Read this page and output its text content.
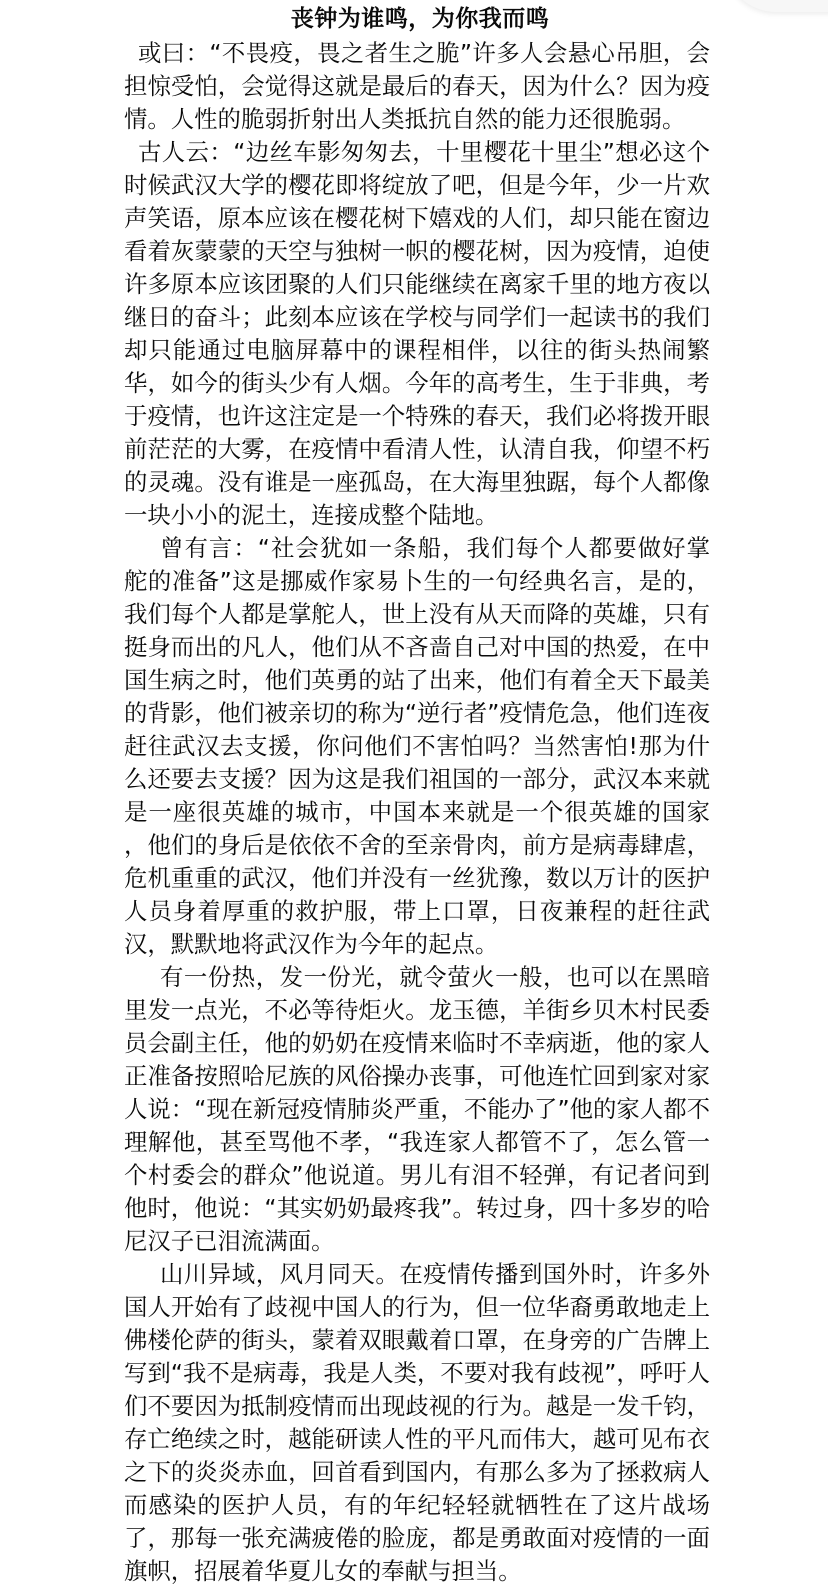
丧钟为谁鸣，为你我而鸣

或曰：“不畏疫，畏之者生之脆”许多人会悬心吊胆，会担惊受怕，会觉得这就是最后的春天，因为什么？因为疫情。人性的脆弱折射出人类抵抗自然的能力还很脆弱。

古人云：“边丝车影匆匆去，十里樱花十里尘”想必这个时候武汉大学的樱花即将绽放了吧，但是今年，少一片欢声笑语，原本应该在樱花树下嬉戏的人们，却只能在窗边看着灰蒙蒙的天空与独树一帜的樱花树，因为疫情，迫使许多原本应该团聚的人们只能继续在离家千里的地方夜以继日的奋斗；此刻本应该在学校与同学们一起读书的我们却只能通过电脑屏幕中的课程相伴，以往的街头热闹繁华，如今的街头少有人烟。今年的高考生，生于非典，考于疫情，也许这注定是一个特殊的春天，我们必将拨开眼前茫茫的大雾，在疫情中看清人性，认清自我，仰望不朽的灵魂。没有谁是一座孤岛，在大海里独踞，每个人都像一块小小的泥土，连接成整个陆地。

曾有言：“社会犹如一条船，我们每个人都要做好掌舵的准备”这是挪威作家易卜生的一句经典名言，是的，我们每个人都是掌舵人，世上没有从天而降的英雄，只有挺身而出的凡人，他们从不吝啬自己对中国的热爱，在中国生病之时，他们英勇的站了出来，他们有着全天下最美的背影，他们被亲切的称为“逆行者”疫情危急，他们连夜赶往武汉去支援，你问他们不害怕吗？当然害怕!那为什么还要去支援？因为这是我们祖国的一部分，武汉本来就是一座很英雄的城市，中国本来就是一个很英雄的国家 ，他们的身后是依依不舍的至亲骨肉，前方是病毒肆虐，危机重重的武汉，他们并没有一丝犹豫，数以万计的医护人员身着厚重的救护服，带上口罩，日夜兼程的赶往武汉，默默地将武汉作为今年的起点。

有一份热，发一份光，就令萤火一般，也可以在黑暗里发一点光，不必等待炬火。龙玉德，羊街乡贝木村民委员会副主任，他的奶奶在疫情来临时不幸病逝，他的家人正准备按照哈尼族的风俗操办丧事，可他连忙回到家对家人说：“现在新冠疫情肺炎严重，不能办了”他的家人都不理解他，甚至骂他不孝，“我连家人都管不了，怎么管一个村委会的群众”他说道。男儿有泪不轻弹，有记者问到他时，他说：“其实奶奶最疼我”。转过身，四十多岁的哈尼汉子已泪流满面。

山川异域，风月同天。在疫情传播到国外时，许多外国人开始有了歧视中国人的行为，但一位华裔勇敢地走上佛楼伦萨的街头，蒙着双眼戴着口罩，在身旁的广告牌上写到“我不是病毒，我是人类，不要对我有歧视”，呼吁人们不要因为抵制疫情而出现歧视的行为。越是一发千钧，存亡绝续之时，越能研读人性的平凡而伟大，越可见布衣之下的炎炎赤血，回首看到国内，有那么多为了拯救病人而感染的医护人员，有的年纪轻轻就牺牲在了这片战场了，那每一张充满疲倦的脸庞，都是勇敢面对疫情的一面旗帜，招展着华夏儿女的奉献与担当。
